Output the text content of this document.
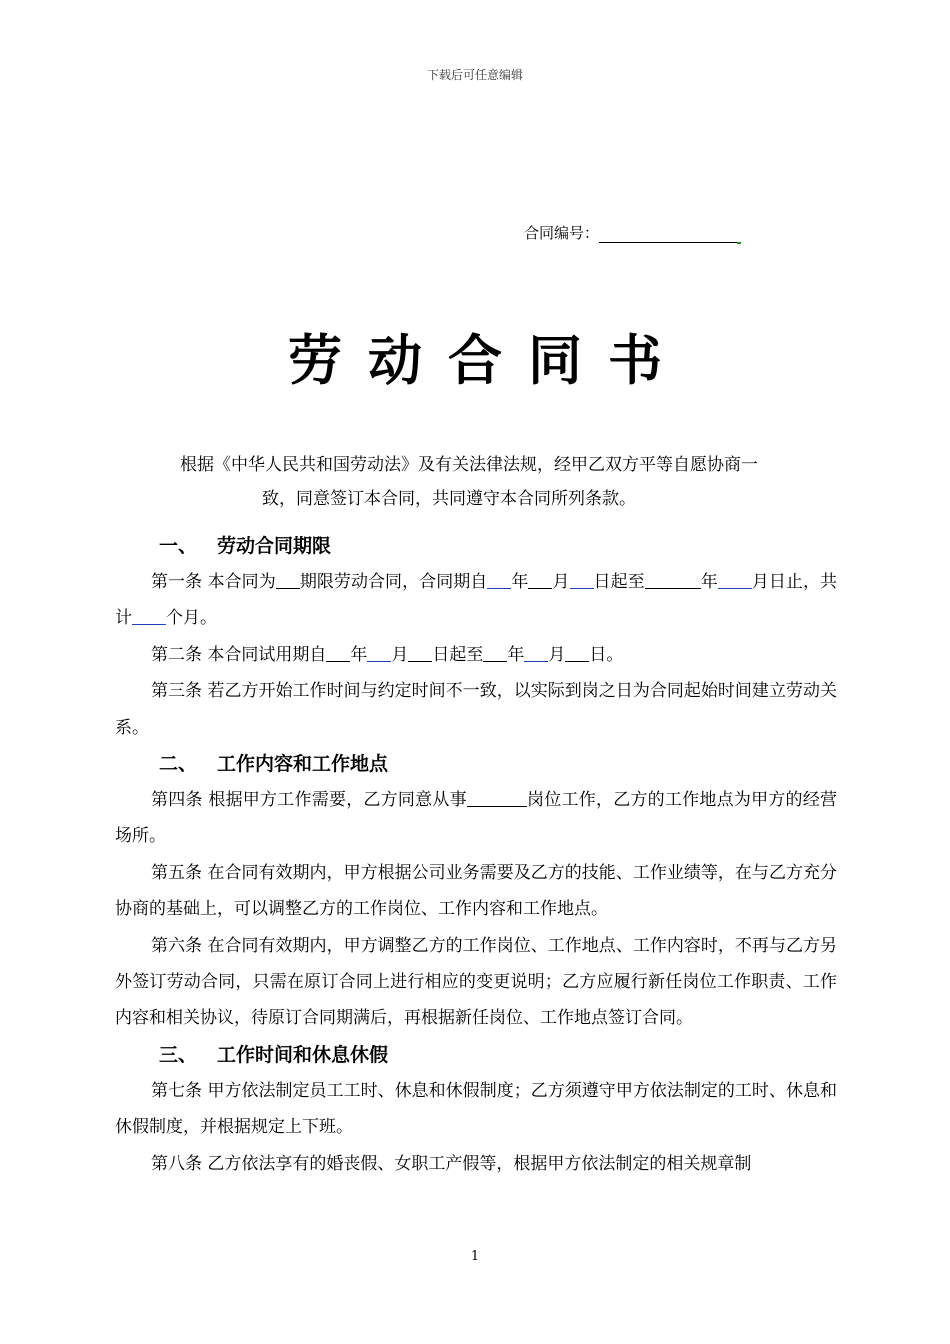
下载后可任意编辑
合同编号：
劳动合同书
根据《中华人民共和国劳动法》及有关法律法规，经甲乙双方平等自愿协商一
致，同意签订本合同，共同遵守本合同所列条款。
一、 劳动合同期限

第一条 本合同为 期限劳动合同，合同期自 年 月 日起至	年 月日止，共计 个月。

第二条 本合同试用期自 年 月 日起至 年 月 日。

第三条 若乙方开始工作时间与约定时间不一致，以实际到岗之日为合同起始时间建立劳动关系。

二、 工作内容和工作地点

第四条 根据甲方工作需要，乙方同意从事	岗位工作，乙方的工作地点为甲方的经营场所。

第五条 在合同有效期内，甲方根据公司业务需要及乙方的技能、工作业绩等，在与乙方充分协商的基础上，可以调整乙方的工作岗位、工作内容和工作地点。

第六条 在合同有效期内，甲方调整乙方的工作岗位、工作地点、工作内容时，不再与乙方另外签订劳动合同，只需在原订合同上进行相应的变更说明；乙方应履行新任岗位工作职责、工作内容和相关协议，待原订合同期满后，再根据新任岗位、工作地点签订合同。

三、 工作时间和休息休假

第七条 甲方依法制定员工工时、休息和休假制度；乙方须遵守甲方依法制定的工时、休息和休假制度，并根据规定上下班。

第八条 乙方依法享有的婚丧假、女职工产假等，根据甲方依法制定的相关规章制

1
